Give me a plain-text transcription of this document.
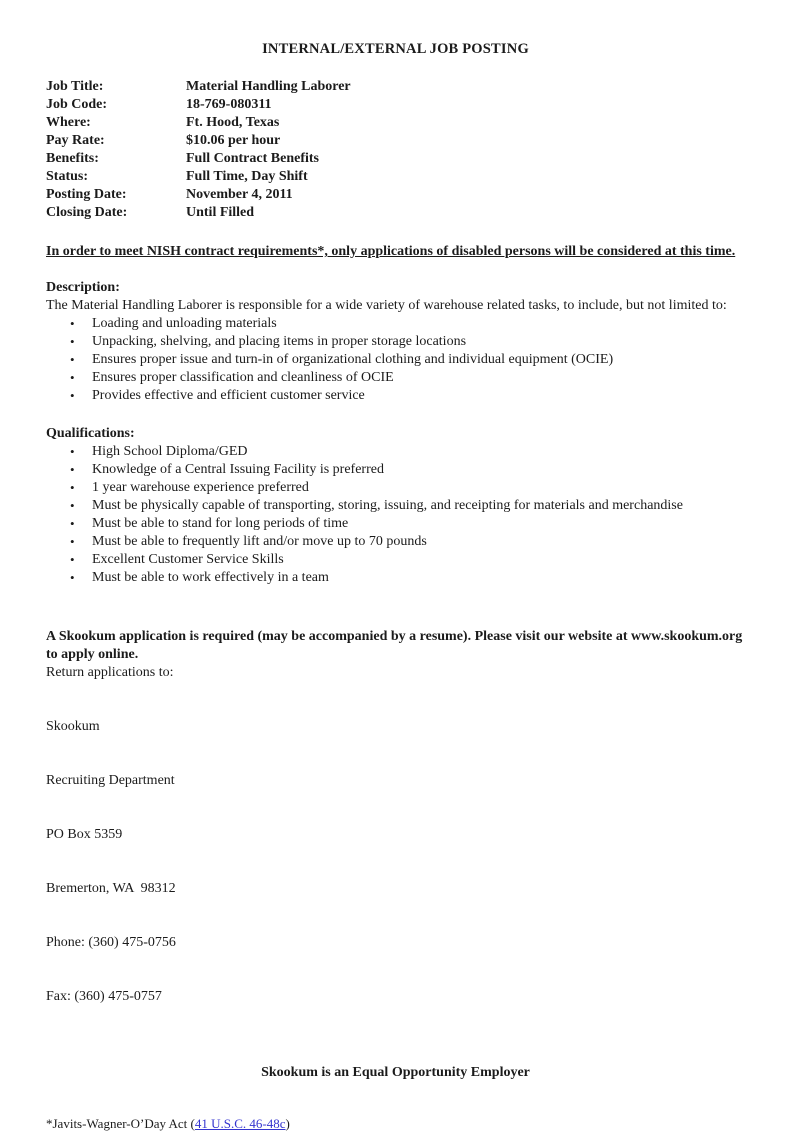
INTERNAL/EXTERNAL JOB POSTING
Job Title:	Material Handling Laborer
Job Code:	18-769-080311
Where:	Ft. Hood, Texas
Pay Rate:	$10.06 per hour
Benefits:	Full Contract Benefits
Status:	Full Time, Day Shift
Posting Date:	November 4, 2011
Closing Date:	Until Filled

In order to meet NISH contract requirements*, only applications of disabled persons will be considered at this time.

Description:

The Material Handling Laborer is responsible for a wide variety of warehouse related tasks, to include, but not limited to:

• Loading and unloading materials
• Unpacking, shelving, and placing items in proper storage locations
• Ensures proper issue and turn-in of organizational clothing and individual equipment (OCIE)
• Ensures proper classification and cleanliness of OCIE
• Provides effective and efficient customer service
Qualifications:
• High School Diploma/GED
• Knowledge of a Central Issuing Facility is preferred
• 1 year warehouse experience preferred
• Must be physically capable of transporting, storing, issuing, and receipting for materials and merchandise
• Must be able to stand for long periods of time
• Must be able to frequently lift and/or move up to 70 pounds
• Excellent Customer Service Skills
• Must be able to work effectively in a team
A Skookum application is required (may be accompanied by a resume). Please visit our website at www.skookum.org to apply online.
Return applications to:

Skookum

Recruiting Department

PO Box 5359

Bremerton, WA  98312

Phone: (360) 475-0756

Fax: (360) 475-0757

Skookum is an Equal Opportunity Employer
*Javits-Wagner-O’Day Act (41 U.S.C. 46-48c)
